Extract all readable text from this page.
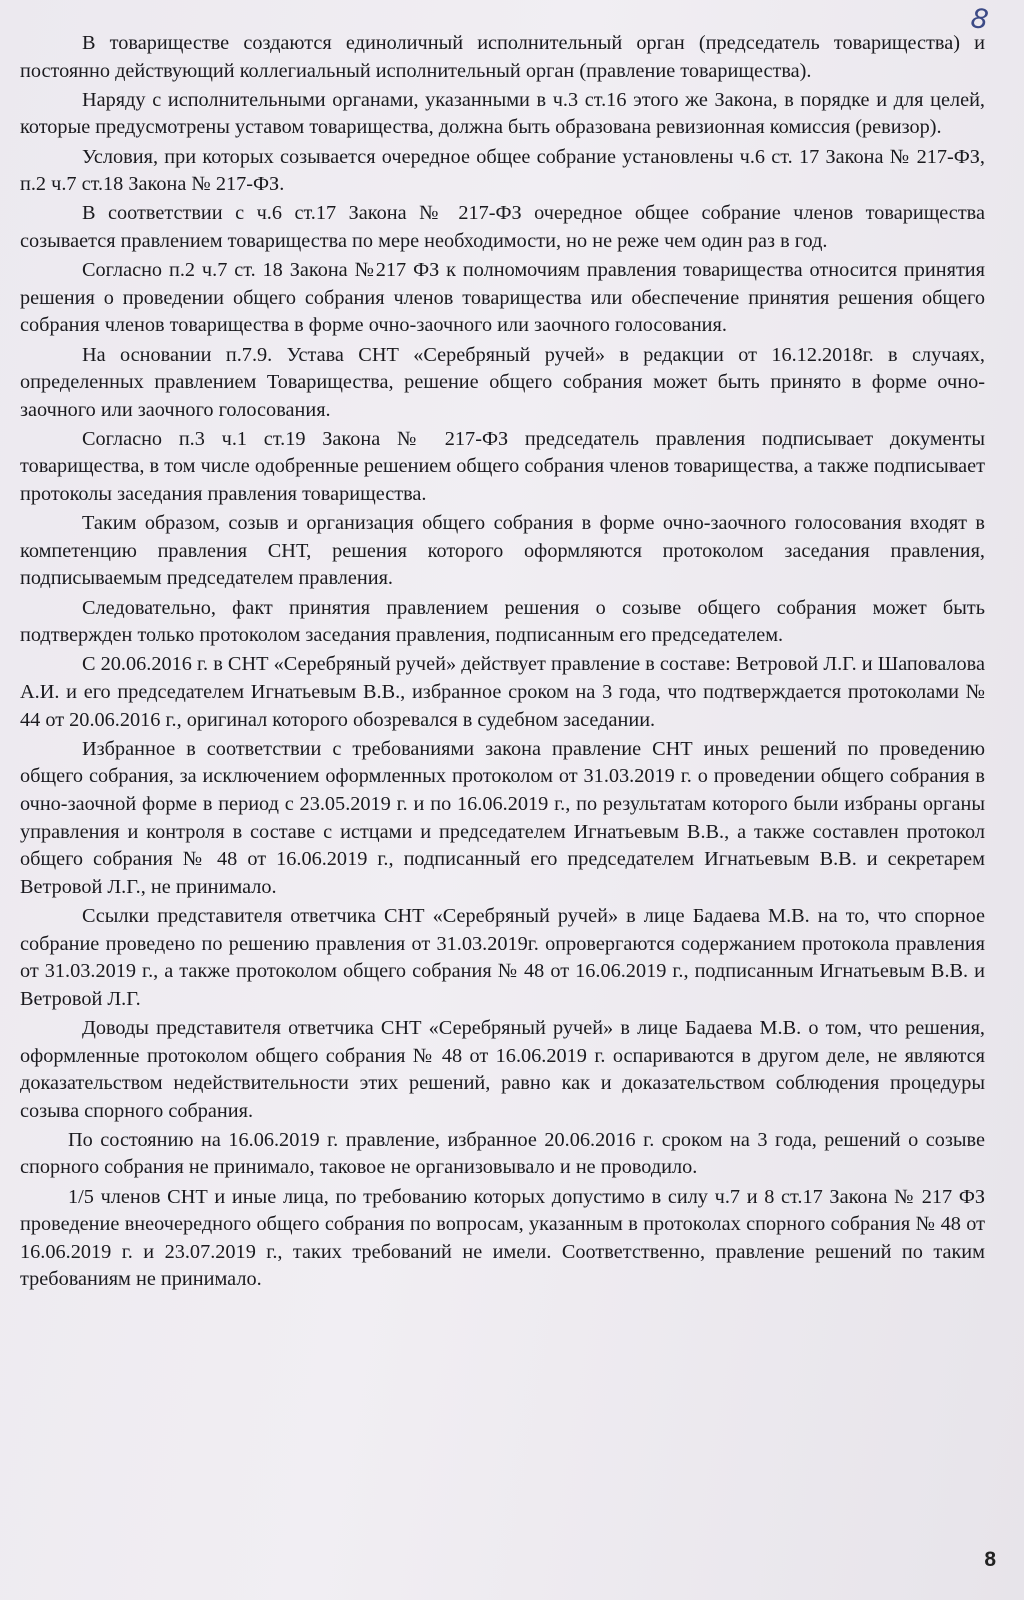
8

В товариществе создаются единоличный исполнительный орган (председатель товарищества) и постоянно действующий коллегиальный исполнительный орган (правление товарищества).

Наряду с исполнительными органами, указанными в ч.3 ст.16 этого же Закона, в порядке и для целей, которые предусмотрены уставом товарищества, должна быть образована ревизионная комиссия (ревизор).

Условия, при которых созывается очередное общее собрание установлены ч.6 ст. 17 Закона № 217-ФЗ, п.2 ч.7 ст.18 Закона № 217-ФЗ.

В соответствии с ч.6 ст.17 Закона № 217-ФЗ очередное общее собрание членов товарищества созывается правлением товарищества по мере необходимости, но не реже чем один раз в год.

Согласно п.2 ч.7 ст. 18 Закона №217 ФЗ к полномочиям правления товарищества относится принятия решения о проведении общего собрания членов товарищества или обеспечение принятия решения общего собрания членов товарищества в форме очно-заочного или заочного голосования.

На основании п.7.9. Устава СНТ «Серебряный ручей» в редакции от 16.12.2018г. в случаях, определенных правлением Товарищества, решение общего собрания может быть принято в форме очно-заочного или заочного голосования.

Согласно п.3 ч.1 ст.19 Закона № 217-ФЗ председатель правления подписывает документы товарищества, в том числе одобренные решением общего собрания членов товарищества, а также подписывает протоколы заседания правления товарищества.

Таким образом, созыв и организация общего собрания в форме очно-заочного голосования входят в компетенцию правления СНТ, решения которого оформляются протоколом заседания правления, подписываемым председателем правления.

Следовательно, факт принятия правлением решения о созыве общего собрания может быть подтвержден только протоколом заседания правления, подписанным его председателем.

С 20.06.2016 г. в СНТ «Серебряный ручей» действует правление в составе: Ветровой Л.Г. и Шаповалова А.И. и его председателем Игнатьевым В.В., избранное сроком на 3 года, что подтверждается протоколами № 44 от 20.06.2016 г., оригинал которого обозревался в судебном заседании.

Избранное в соответствии с требованиями закона правление СНТ иных решений по проведению общего собрания, за исключением оформленных протоколом от 31.03.2019 г. о проведении общего собрания в очно-заочной форме в период с 23.05.2019 г. и по 16.06.2019 г., по результатам которого были избраны органы управления и контроля в составе с истцами и председателем Игнатьевым В.В., а также составлен протокол общего собрания № 48 от 16.06.2019 г., подписанный его председателем Игнатьевым В.В. и секретарем Ветровой Л.Г., не принимало.

Ссылки представителя ответчика СНТ «Серебряный ручей» в лице Бадаева М.В. на то, что спорное собрание проведено по решению правления от 31.03.2019г. опровергаются содержанием протокола правления от 31.03.2019 г., а также протоколом общего собрания № 48 от 16.06.2019 г., подписанным Игнатьевым В.В. и Ветровой Л.Г.

Доводы представителя ответчика СНТ «Серебряный ручей» в лице Бадаева М.В. о том, что решения, оформленные протоколом общего собрания № 48 от 16.06.2019 г. оспариваются в другом деле, не являются доказательством недействительности этих решений, равно как и доказательством соблюдения процедуры созыва спорного собрания.

По состоянию на 16.06.2019 г. правление, избранное 20.06.2016 г. сроком на 3 года, решений о созыве спорного собрания не принимало, таковое не организовывало и не проводило.

1/5 членов СНТ и иные лица, по требованию которых допустимо в силу ч.7 и 8 ст.17 Закона № 217 ФЗ проведение внеочередного общего собрания по вопросам, указанным в протоколах спорного собрания № 48 от 16.06.2019 г. и 23.07.2019 г., таких требований не имели. Соответственно, правление решений по таким требованиям не принимало.

8
